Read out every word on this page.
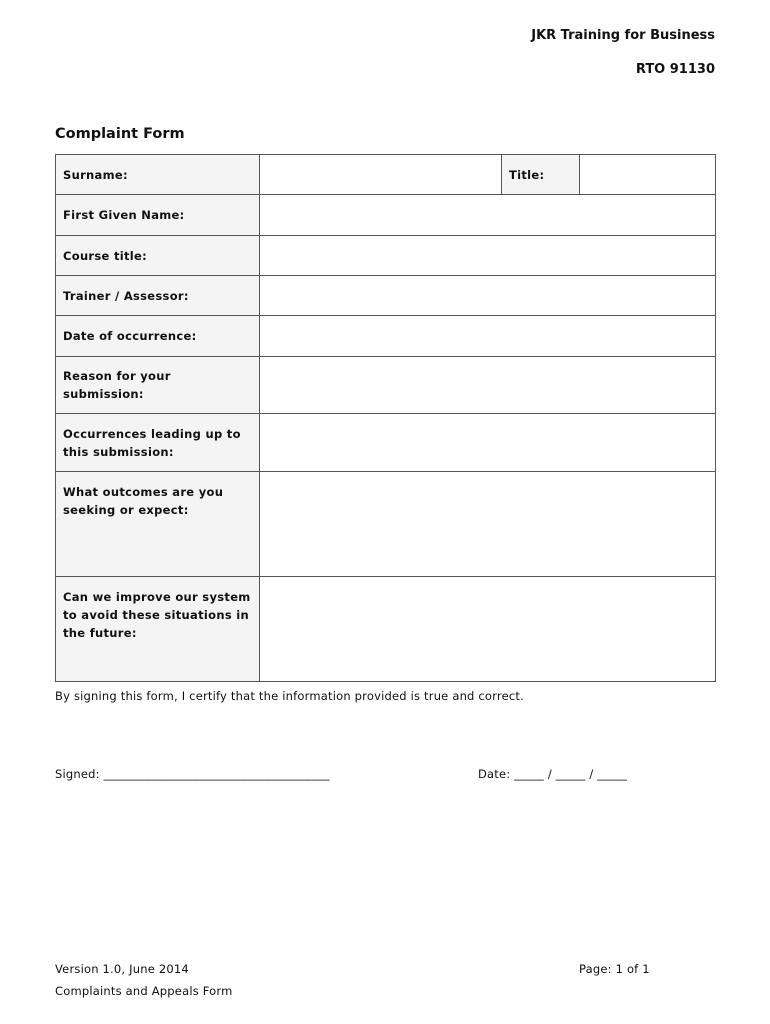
JKR Training for Business
RTO 91130
Complaint Form
Surname:		Title:	
First Given Name:			
Course title:			
Trainer / Assessor:			
Date of occurrence:			
Reason for your submission:			
Occurrences leading up to this submission:			
What outcomes are you seeking or expect:			
Can we improve our system to avoid these situations in the future:			
By signing this form, I certify that the information provided is true and correct.
Signed: ______________________________________	Date: _____ / _____ / _____
Version 1.0, June 2014	Page: 1 of 1
Complaints and Appeals Form
